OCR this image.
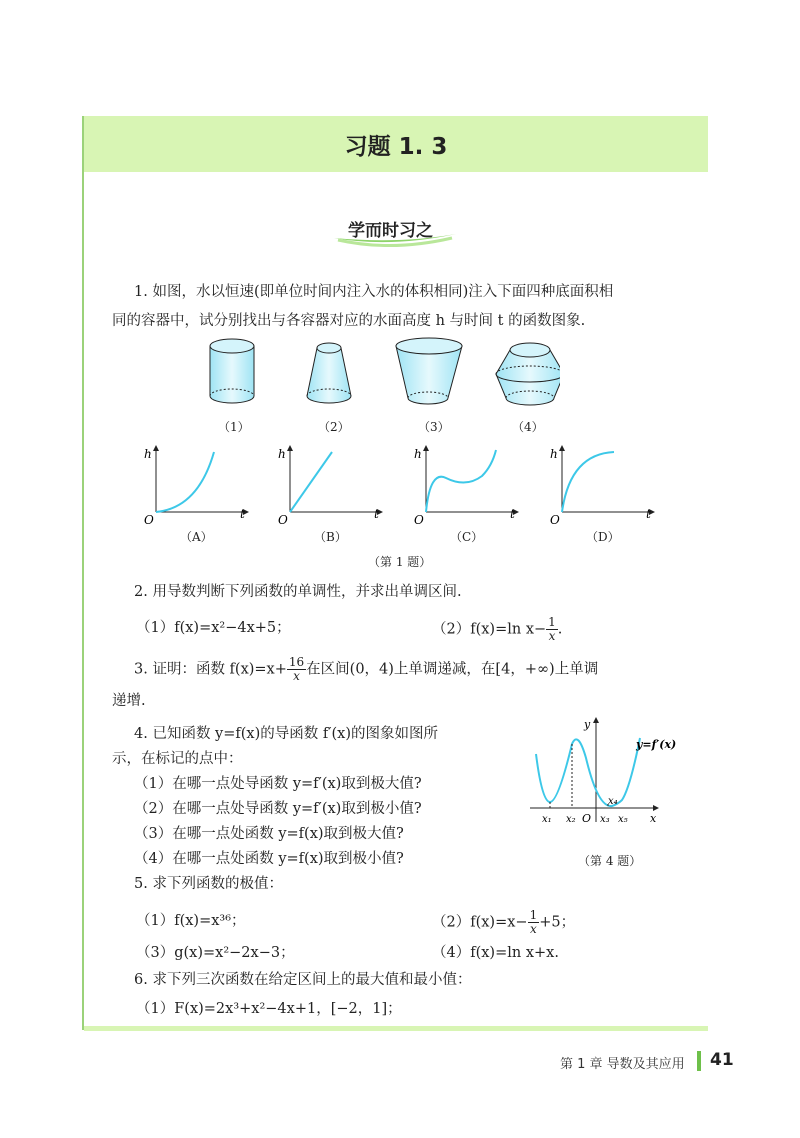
习题 1. 3
学而时习之
1. 如图，水以恒速(即单位时间内注入水的体积相同)注入下面四种底面积相
同的容器中，试分别找出与各容器对应的水面高度 h 与时间 t 的函数图象.
（1）	（2）	（3）	（4）
h
t
O
h
t
O
h
t
O
h
t
O
（A）	（B）	（C）	（D）
（第 1 题）
2. 用导数判断下列函数的单调性，并求出单调区间.
（1）f(x)=x²−4x+5；	（2）f(x)=ln $x- \frac{1}{x}$ .
3. 证明：函数 $f(x)=x+ \frac{16}{x}$ 在区间(0，4)上单调递减，在[4，+∞)上单调
递增.
4. 已知函数 y=f(x)的导函数 f′(x)的图象如图所
示，在标记的点中：
（1）在哪一点处导函数 y=f′(x)取到极大值?
（2）在哪一点处导函数 y=f′(x)取到极小值?
（3）在哪一点处函数 y=f(x)取到极大值?
（4）在哪一点处函数 y=f(x)取到极小值?
y
x
y=f′(x)
O
x₁ x₂ x₃
x₄
x₅
（第 4 题）
5. 求下列函数的极值：
（1）f(x)=x³⁶；	$(2)f(x)=x- \frac{1}{x} +5$；
（3）g(x)=x²−2x−3；	（4）f(x)=ln x+x.
6. 求下列三次函数在给定区间上的最大值和最小值：
（1）F(x)=2x³+x²−4x+1，[−2，1]；
第 1 章 导数及其应用 41
